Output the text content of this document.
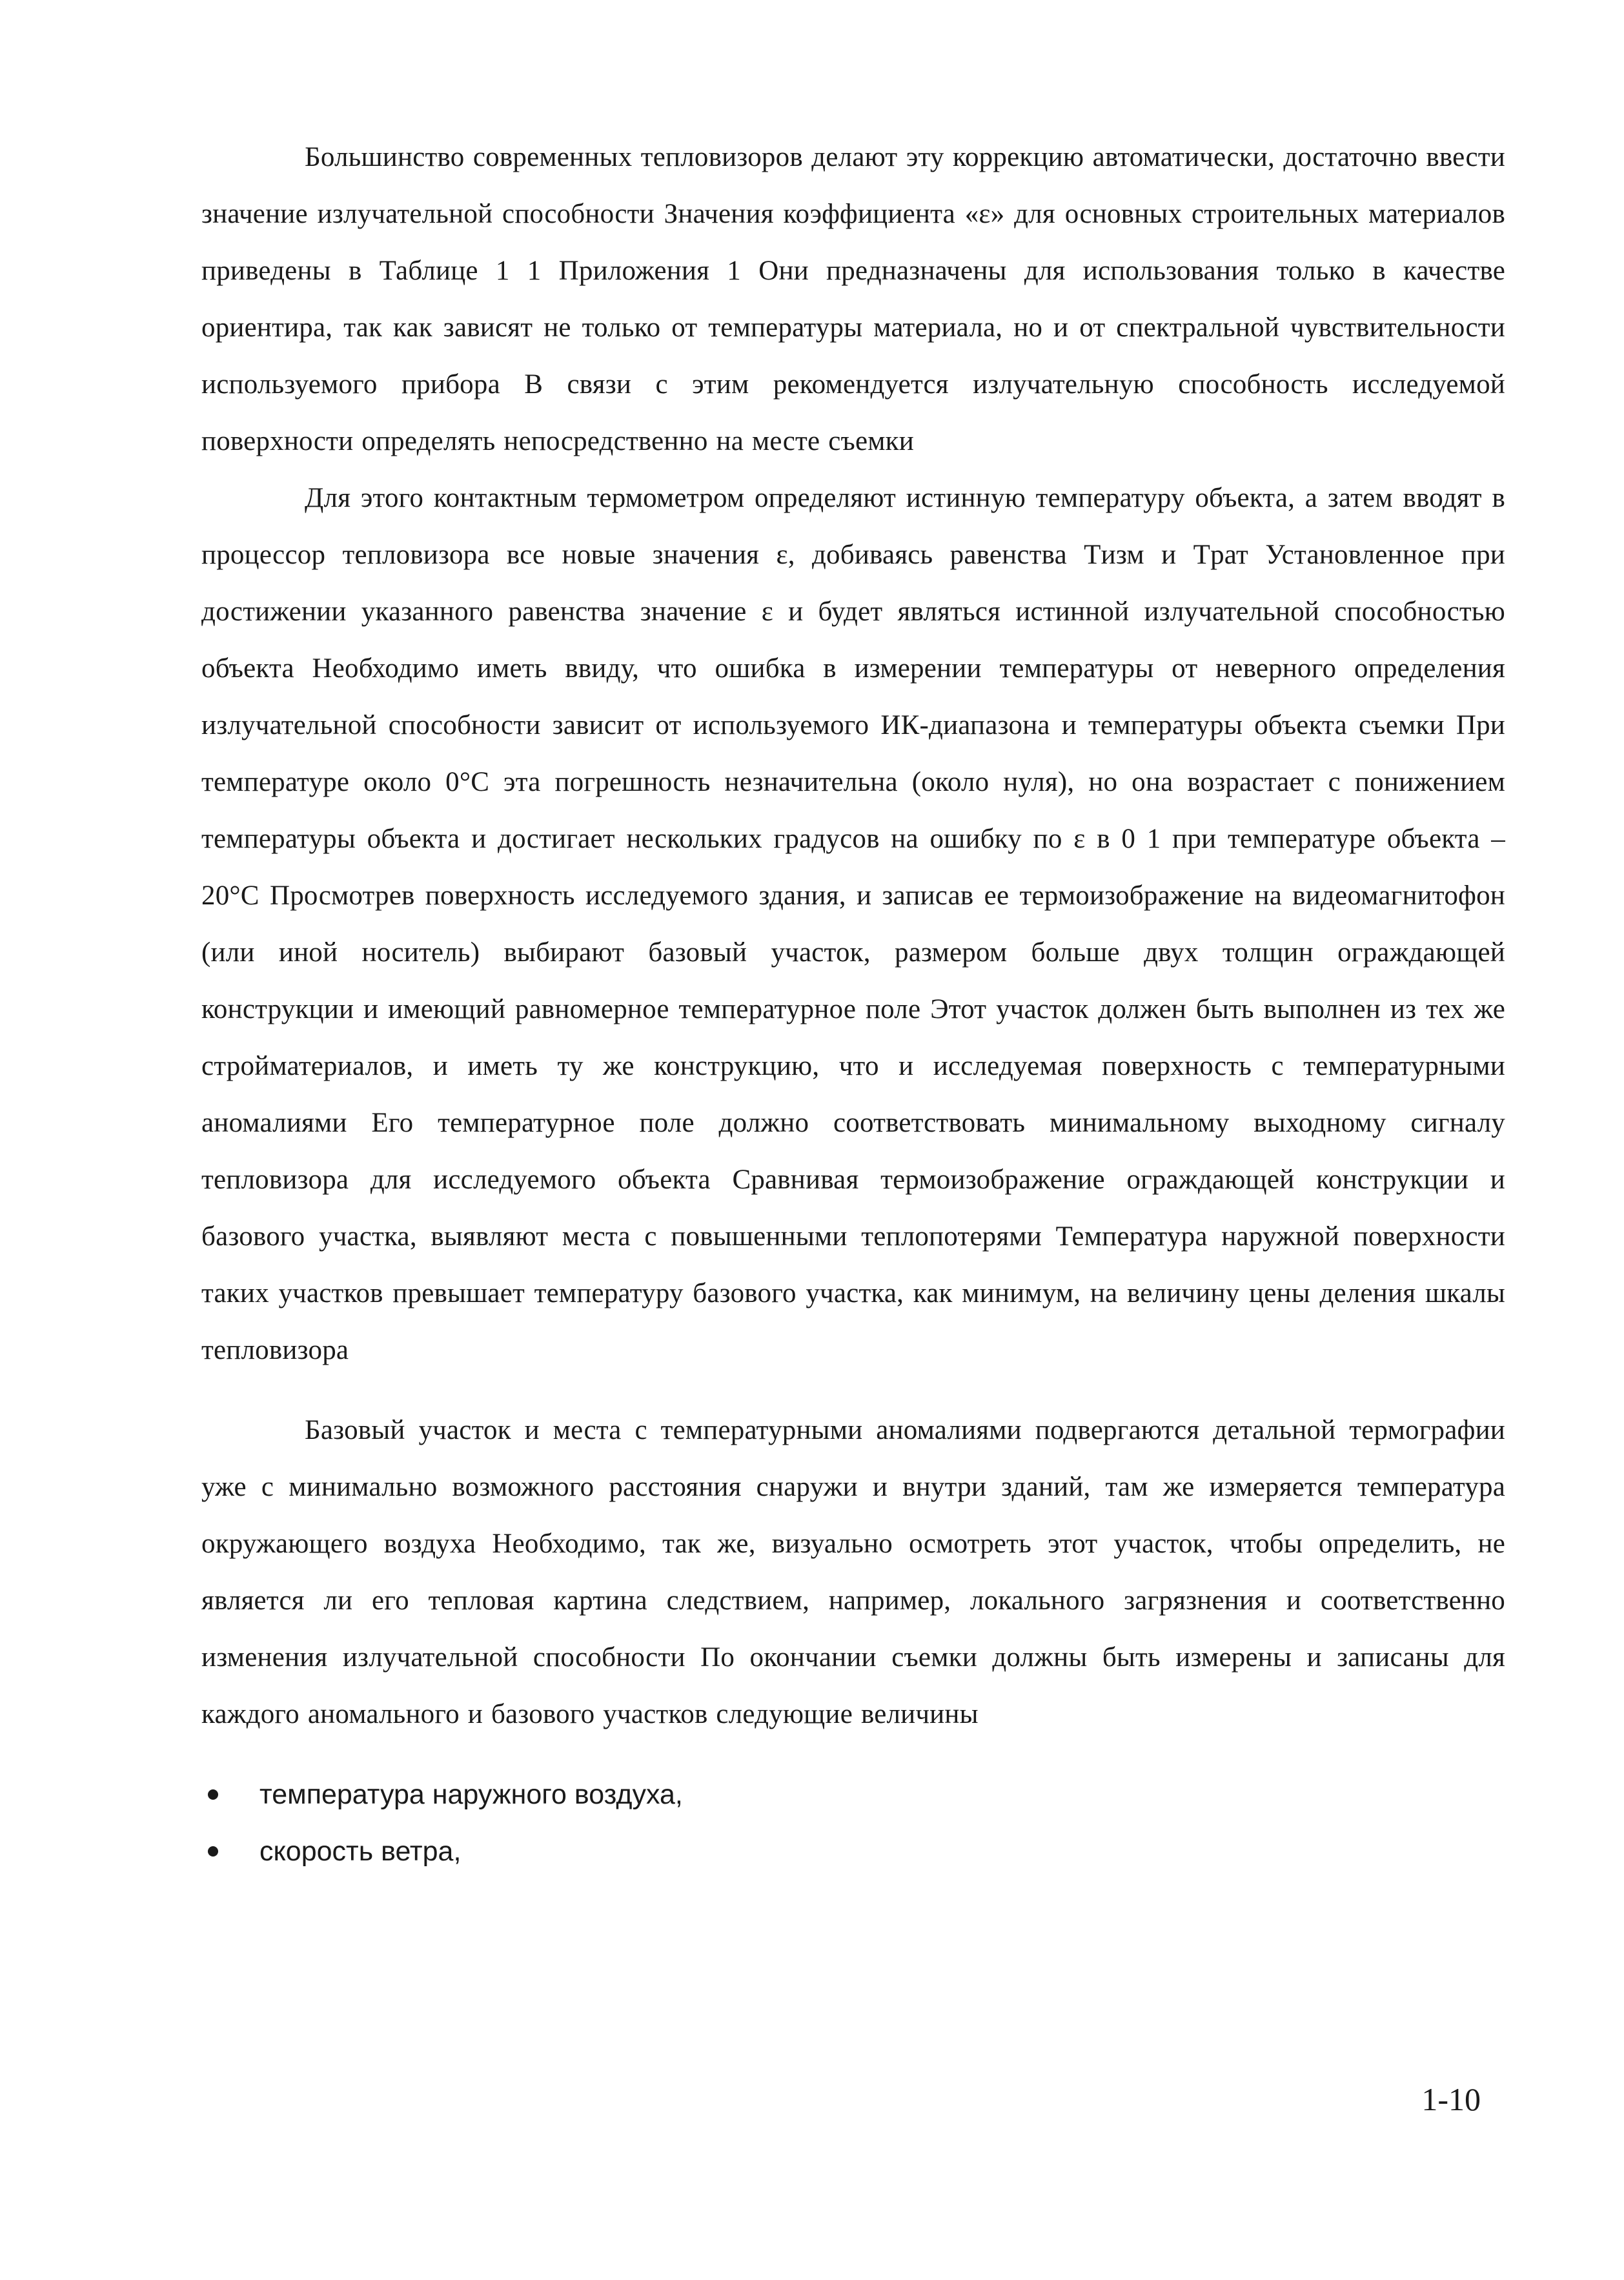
Большинство современных тепловизоров делают эту коррекцию автоматически, достаточно ввести значение излучательной способности Значения коэффициента «ε» для основных строительных материалов приведены в Таблице 1 1 Приложения 1 Они предназначены для использования только в качестве ориентира, так как зависят не только от температуры материала, но и от спектральной чувствительности используемого прибора В связи с этим рекомендуется излучательную способность исследуемой поверхности определять непосредственно на месте съемки

Для этого контактным термометром определяют истинную температуру объекта, а затем вводят в процессор тепловизора все новые значения ε, добиваясь равенства Tизм и Tрат Установленное при достижении указанного равенства значение ε и будет являться истинной излучательной способностью объекта Необходимо иметь ввиду, что ошибка в измерении температуры от неверного определения излучательной способности зависит от используемого ИК-диапазона и температуры объекта съемки При температуре около 0°C эта погрешность незначительна (около нуля), но она возрастает с понижением температуры объекта и достигает нескольких градусов на ошибку по ε в 0 1 при температуре объекта –20°C Просмотрев поверхность исследуемого здания, и записав ее термоизображение на видеомагнитофон (или иной носитель) выбирают базовый участок, размером больше двух толщин ограждающей конструкции и имеющий равномерное температурное поле Этот участок должен быть выполнен из тех же стройматериалов, и иметь ту же конструкцию, что и исследуемая поверхность с температурными аномалиями Его температурное поле должно соответствовать минимальному выходному сигналу тепловизора для исследуемого объекта Сравнивая термоизображение ограждающей конструкции и базового участка, выявляют места с повышенными теплопотерями Температура наружной поверхности таких участков превышает температуру базового участка, как минимум, на величину цены деления шкалы тепловизора

Базовый участок и места с температурными аномалиями подвергаются детальной термографии уже с минимально возможного расстояния снаружи и внутри зданий, там же измеряется температура окружающего воздуха Необходимо, так же, визуально осмотреть этот участок, чтобы определить, не является ли его тепловая картина следствием, например, локального загрязнения и соответственно изменения излучательной способности По окончании съемки должны быть измерены и записаны для каждого аномального и базового участков следующие величины

температура наружного воздуха,
скорость ветра,
1-10
